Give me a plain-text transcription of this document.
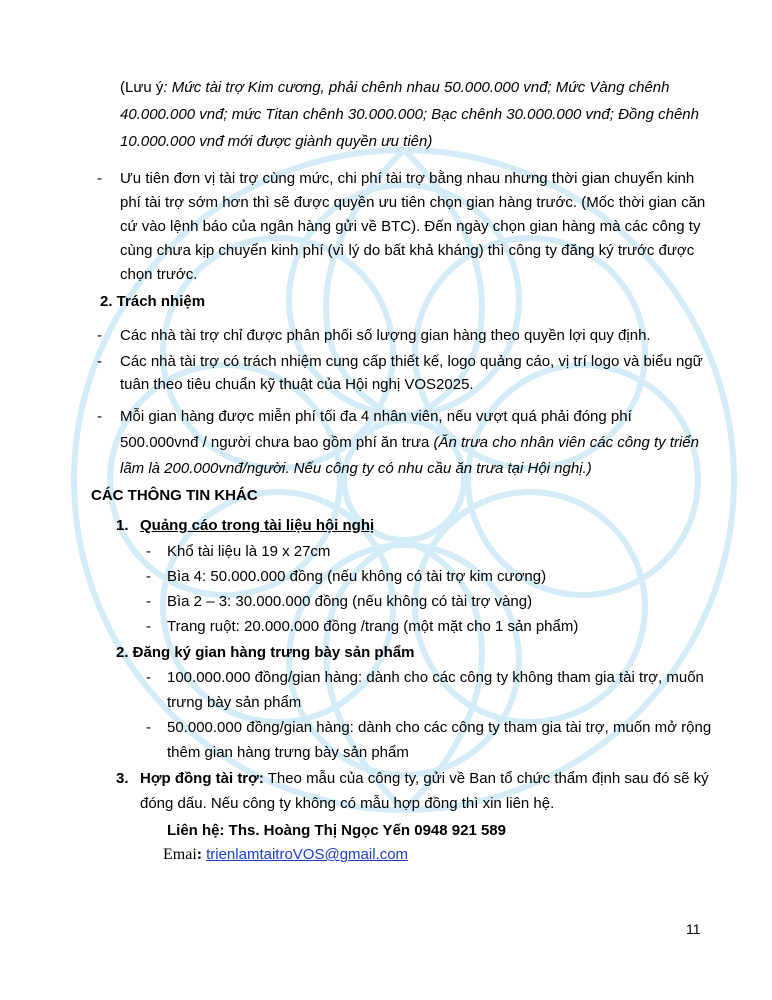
(Lưu ý: Mức tài trợ Kim cương, phải chênh nhau 50.000.000 vnđ; Mức Vàng chênh
40.000.000 vnđ; mức Titan chênh 30.000.000; Bạc chênh 30.000.000 vnđ; Đồng chênh
10.000.000 vnđ mới được giành quyền ưu tiên)
- Ưu tiên đơn vị tài trợ cùng mức, chi phí tài trợ bằng nhau nhưng thời gian chuyển kinh
phí tài trợ sớm hơn thì sẽ được quyền ưu tiên chọn gian hàng trước. (Mốc thời gian căn
cứ vào lệnh báo của ngân hàng gửi về BTC). Đến ngày chọn gian hàng mà các công ty
cùng chưa kịp chuyển kinh phí (vì lý do bất khả kháng) thì công ty đăng ký trước được
chọn trước.
2. Trách nhiệm
- Các nhà tài trợ chỉ được phân phối số lượng gian hàng theo quyền lợi quy định.
- Các nhà tài trợ có trách nhiệm cung cấp thiết kế, logo quảng cáo, vị trí logo và biểu ngữ
tuân theo tiêu chuẩn kỹ thuật của Hội nghị VOS2025.
- Mỗi gian hàng được miễn phí tối đa 4 nhân viên, nếu vượt quá phải đóng phí
500.000vnđ / người chưa bao gồm phí ăn trưa (Ăn trưa cho nhân viên các công ty triển
lãm là 200.000vnđ/người. Nếu công ty có nhu cầu ăn trưa tại Hội nghị.)
CÁC THÔNG TIN KHÁC
1. Quảng cáo trong tài liệu hội nghị
- Khổ tài liệu là 19 x 27cm
- Bìa 4: 50.000.000 đồng (nếu không có tài trợ kim cương)
- Bìa 2 – 3: 30.000.000 đồng (nếu không có tài trợ vàng)
- Trang ruột: 20.000.000 đồng /trang (một mặt cho 1 sản phẩm)
2. Đăng ký gian hàng trưng bày sản phẩm
- 100.000.000 đồng/gian hàng: dành cho các công ty không tham gia tài trợ, muốn
trưng bày sản phẩm
- 50.000.000 đồng/gian hàng: dành cho các công ty tham gia tài trợ, muốn mở rộng
thêm gian hàng trưng bày sản phẩm
3. Hợp đồng tài trợ: Theo mẫu của công ty, gửi về Ban tổ chức thẩm định sau đó sẽ ký
đóng dấu. Nếu công ty không có mẫu hợp đồng thì xin liên hệ.
Liên hệ: Ths. Hoàng Thị Ngọc Yến 0948 921 589
Emai: trienlamtaitroVOS@gmail.com
11
